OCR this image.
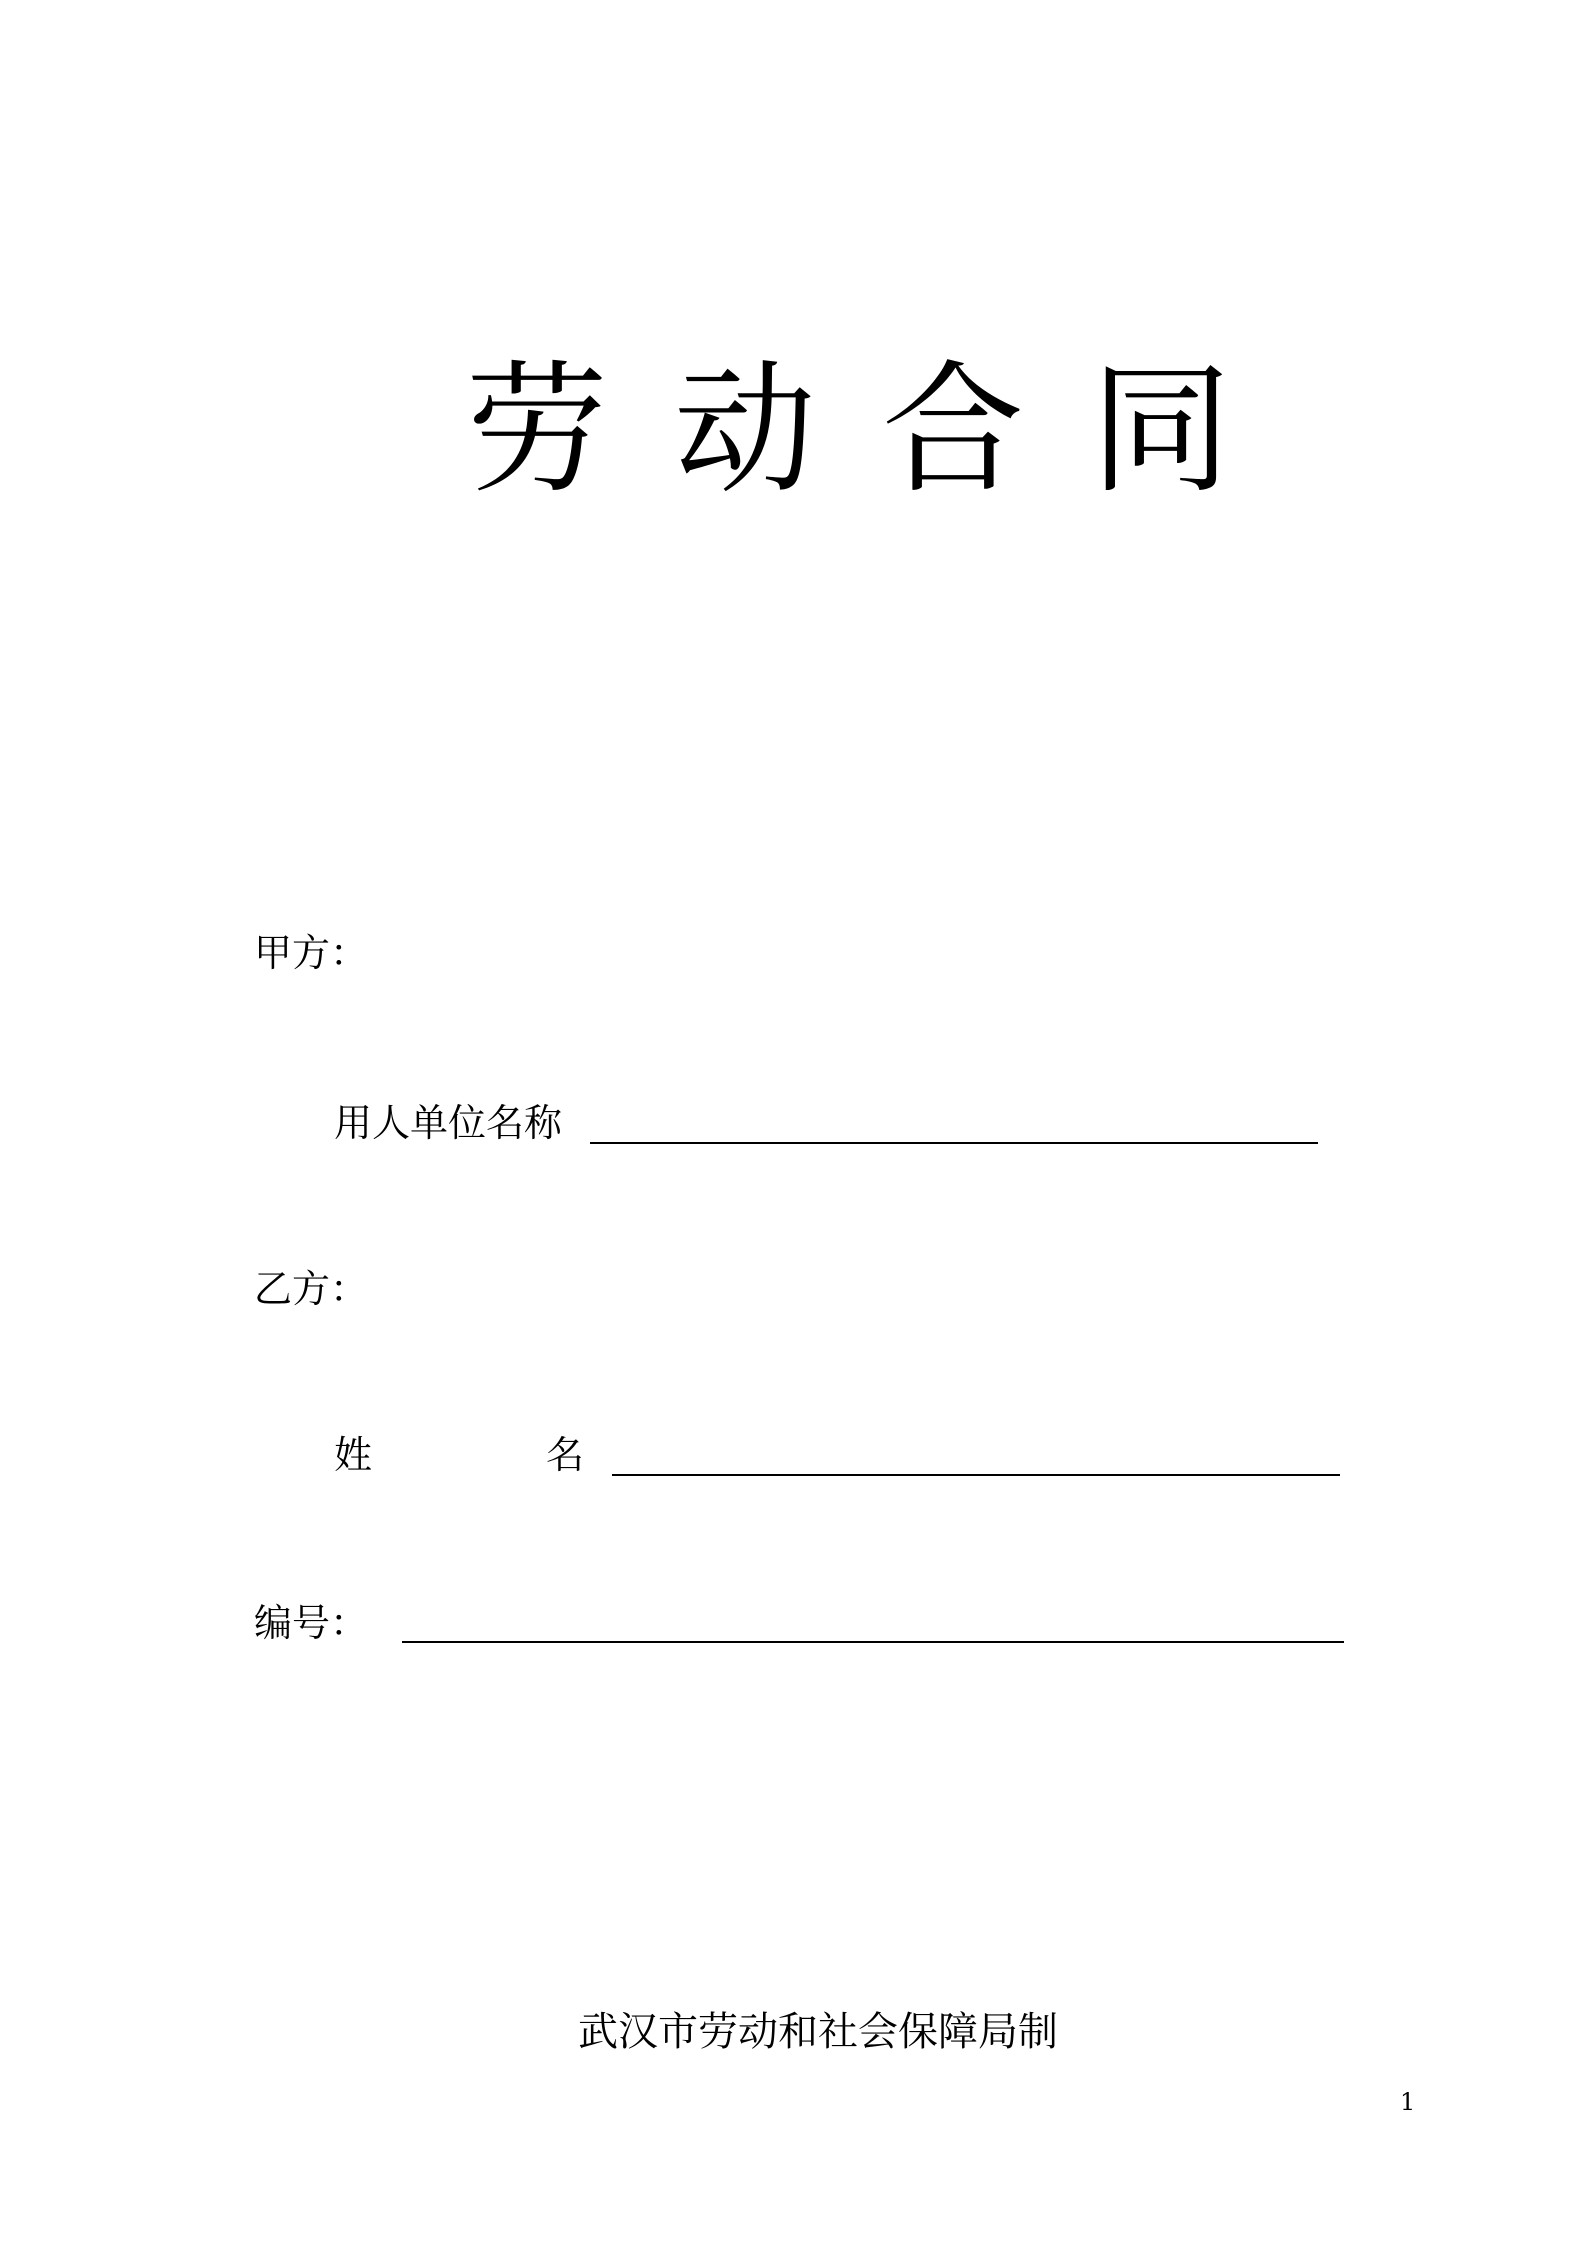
劳 动 合 同
甲方：
用人单位名称
乙方：
姓	名
编号：
武汉市劳动和社会保障局制
1
